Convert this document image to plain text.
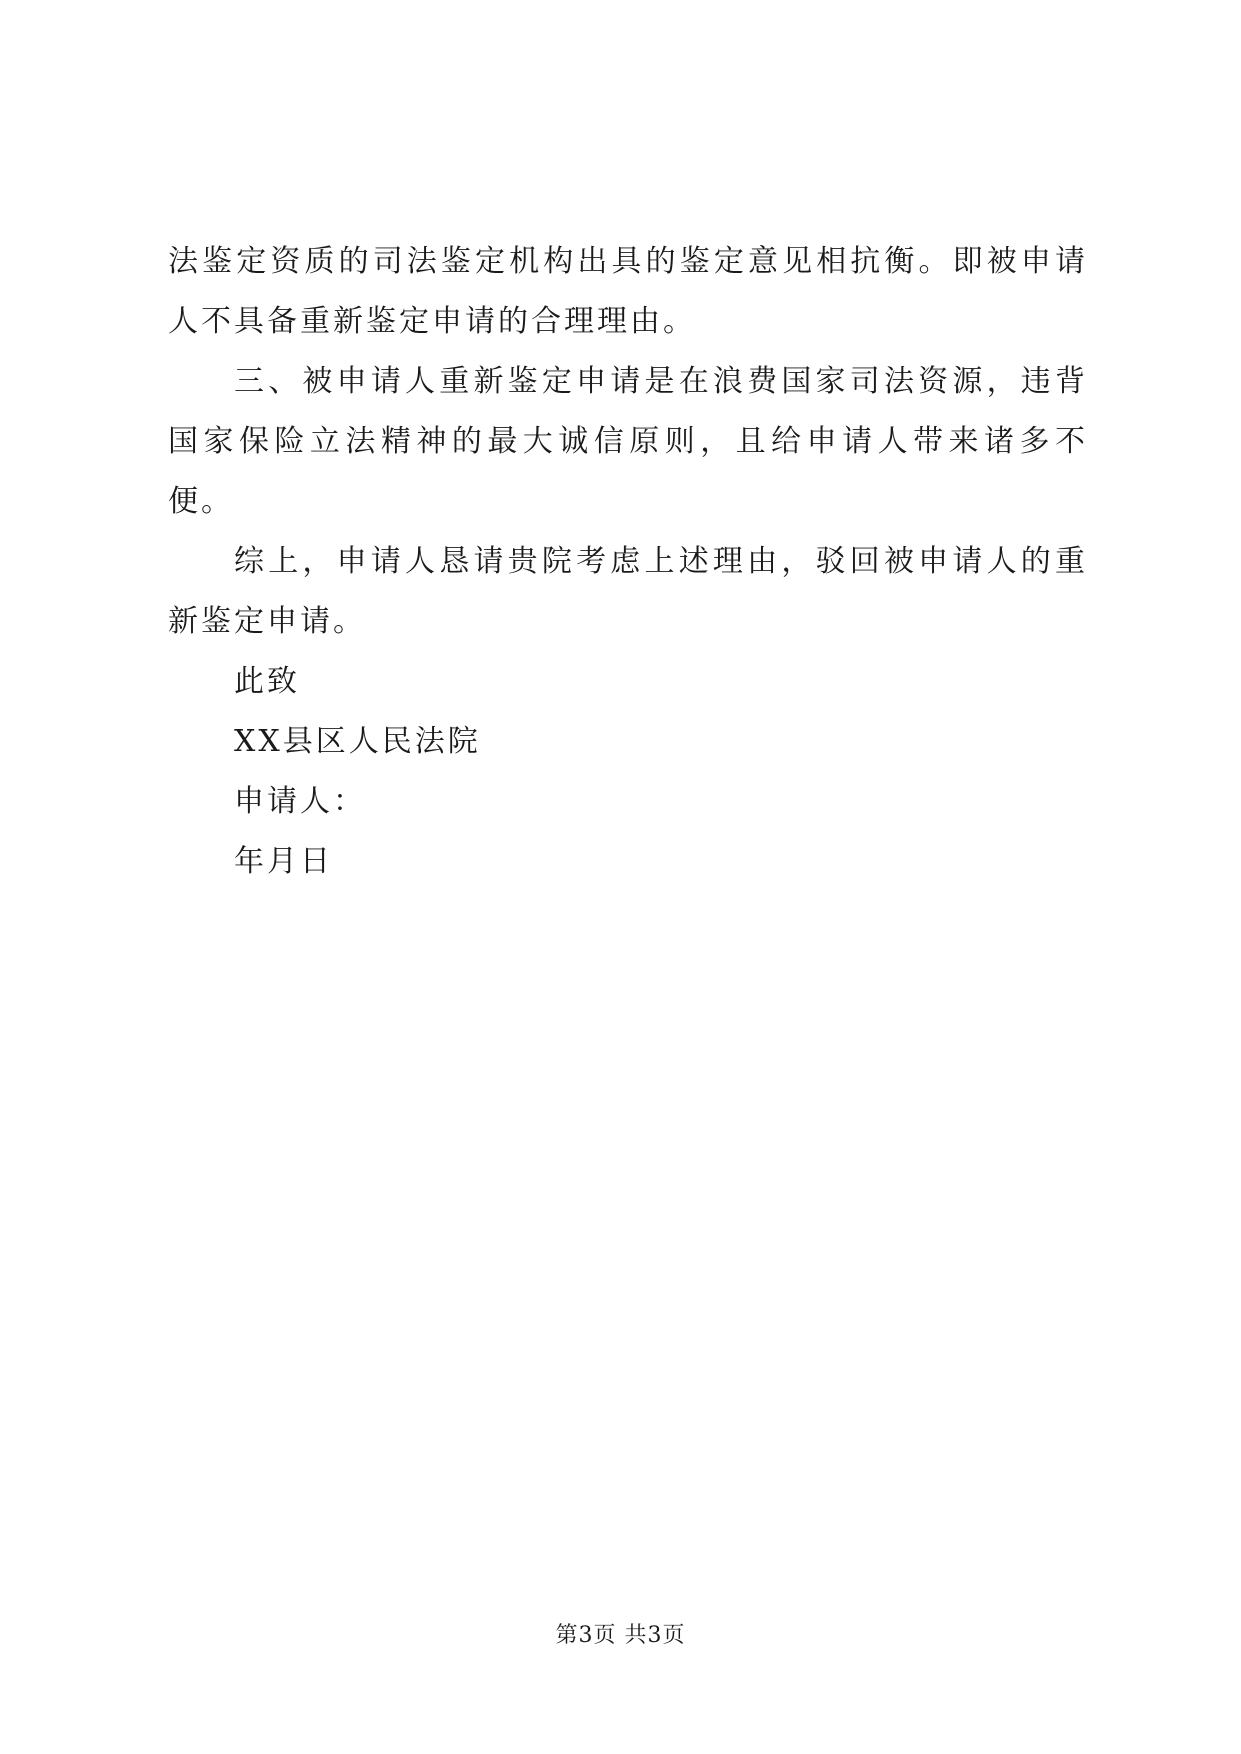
法鉴定资质的司法鉴定机构出具的鉴定意见相抗衡。即被申请人不具备重新鉴定申请的合理理由。

三、被申请人重新鉴定申请是在浪费国家司法资源，违背国家保险立法精神的最大诚信原则，且给申请人带来诸多不便。

综上，申请人恳请贵院考虑上述理由，驳回被申请人的重新鉴定申请。

此致

XX县区人民法院

申请人：

年月日

第3页 共3页
